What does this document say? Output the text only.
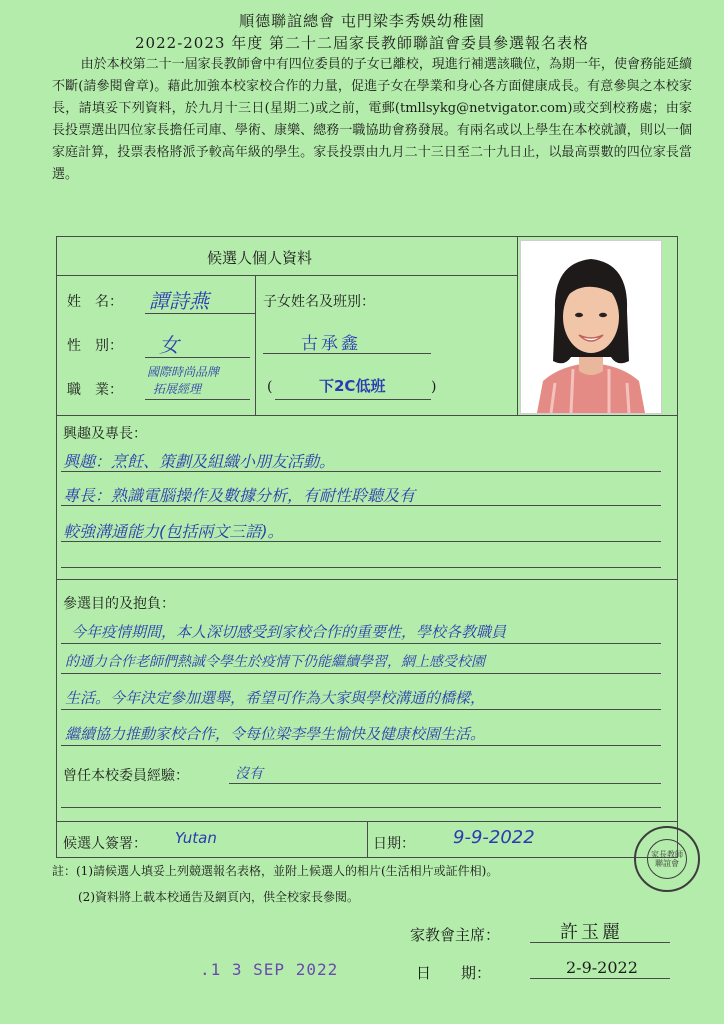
順德聯誼總會 屯門梁李秀娛幼稚園
2022-2023 年度 第二十二屆家長教師聯誼會委員參選報名表格
由於本校第二十一屆家長教師會中有四位委員的子女已離校，現進行補選該職位，為期一年，使會務能延續不斷(請參閱會章)。藉此加強本校家校合作的力量，促進子女在學業和身心各方面健康成長。有意參與之本校家長，請填妥下列資料，於九月十三日(星期二)或之前，電郵(tmllsykg@netvigator.com)或交到校務處；由家長投票選出四位家長擔任司庫、學術、康樂、總務一職協助會務發展。有兩名或以上學生在本校就讀，則以一個家庭計算，投票表格將派予較高年級的學生。家長投票由九月二十三日至二十九日止，以最高票數的四位家長當選。
候選人個人資料
姓　名： 譚詩燕
性　別： 女
職　業：
國際時尚品牌
拓展經理
子女姓名及班別：
古承鑫
(	下2C低班	)
興趣及專長：
興趣：烹飪、策劃及組織小朋友活動。
專長：熟識電腦操作及數據分析，有耐性聆聽及有
較強溝通能力(包括兩文三語)。
參選目的及抱負：
今年疫情期間，本人深切感受到家校合作的重要性，學校各教職員
的通力合作老師們熱誠令學生於疫情下仍能繼續學習，網上感受校園
生活。今年決定參加選舉，希望可作為大家與學校溝通的橋樑，
繼續協力推動家校合作，令每位梁李學生愉快及健康校園生活。
曾任本校委員經驗：	沒有
候選人簽署： Yutan	日期： 9-9-2022
註：(1)請候選人填妥上列競選報名表格，並附上候選人的相片(生活相片或証件相)。
(2)資料將上載本校通告及網頁內，供全校家長參閱。
家長教師
聯誼會
家教會主席：	許玉麗
日　　期：	2-9-2022
.1 3 SEP 2022
